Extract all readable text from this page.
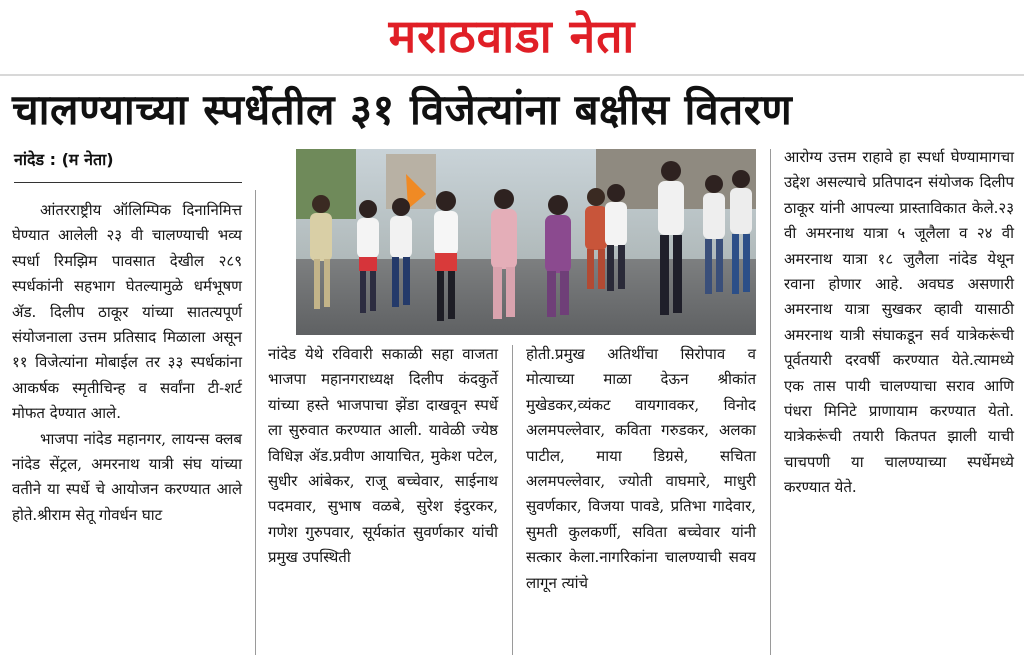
मराठवाडा नेता
चालण्याच्या स्पर्धेतील ३१ विजेत्यांना बक्षीस वितरण
नांदेड : (म नेता)

आंतरराष्ट्रीय ऑलिम्पिक दिनानिमित्त घेण्यात आलेली २३ वी चालण्याची भव्य स्पर्धा रिमझिम पावसात देखील २८९ स्पर्धकांनी सहभाग घेतल्यामुळे धर्मभूषण ॲड. दिलीप ठाकूर यांच्या सातत्यपूर्ण संयोजनाला उत्तम प्रतिसाद मिळाला असून ११ विजेत्यांना मोबाईल तर ३३ स्पर्धकांना आकर्षक स्मृतीचिन्ह व सर्वांना टी-शर्ट मोफत देण्यात आले.

भाजपा नांदेड महानगर, लायन्स क्लब नांदेड सेंट्रल, अमरनाथ यात्री संघ यांच्या वतीने या स्पर्धे चे आयोजन करण्यात आले होते.श्रीराम सेतू गोवर्धन घाट

नांदेड येथे रविवारी सकाळी सहा वाजता भाजपा महानगराध्यक्ष दिलीप कंदकुर्ते यांच्या हस्ते भाजपाचा झेंडा दाखवून स्पर्धे ला सुरुवात करण्यात आली. यावेळी ज्येष्ठ विधिज्ञ ॲड.प्रवीण आयाचित, मुकेश पटेल, सुधीर आंबेकर, राजू बच्चेवार, साईनाथ पदमवार, सुभाष वळबे, सुरेश इंदुरकर, गणेश गुरुपवार, सूर्यकांत सुवर्णकार यांची प्रमुख उपस्थिती

होती.प्रमुख अतिथींचा सिरोपाव व मोत्याच्या माळा देऊन श्रीकांत मुखेडकर,व्यंकट वायगावकर, विनोद अलमपल्लेवार, कविता गरुडकर, अलका पाटील, माया डिग्रसे, सचिता अलमपल्लेवार, ज्योती वाघमारे, माधुरी सुवर्णकार, विजया पावडे, प्रतिभा गादेवार, सुमती कुलकर्णी, सविता बच्चेवार यांनी सत्कार केला.नागरिकांना चालण्याची सवय लागून त्यांचे

आरोग्य उत्तम राहावे हा स्पर्धा घेण्यामागचा उद्देश असल्याचे प्रतिपादन संयोजक दिलीप ठाकूर यांनी आपल्या प्रास्ताविकात केले.२३ वी अमरनाथ यात्रा ५ जूलैला व २४ वी अमरनाथ यात्रा १८ जुलैला नांदेड येथून रवाना होणार आहे. अवघड असणारी अमरनाथ यात्रा सुखकर व्हावी यासाठी अमरनाथ यात्री संघाकडून सर्व यात्रेकरूंची पूर्वतयारी दरवर्षी करण्यात येते.त्यामध्ये एक तास पायी चालण्याचा सराव आणि पंधरा मिनिटे प्राणायाम करण्यात येतो. यात्रेकरूंची तयारी कितपत झाली याची चाचपणी या चालण्याच्या स्पर्धेमध्ये करण्यात येते.
